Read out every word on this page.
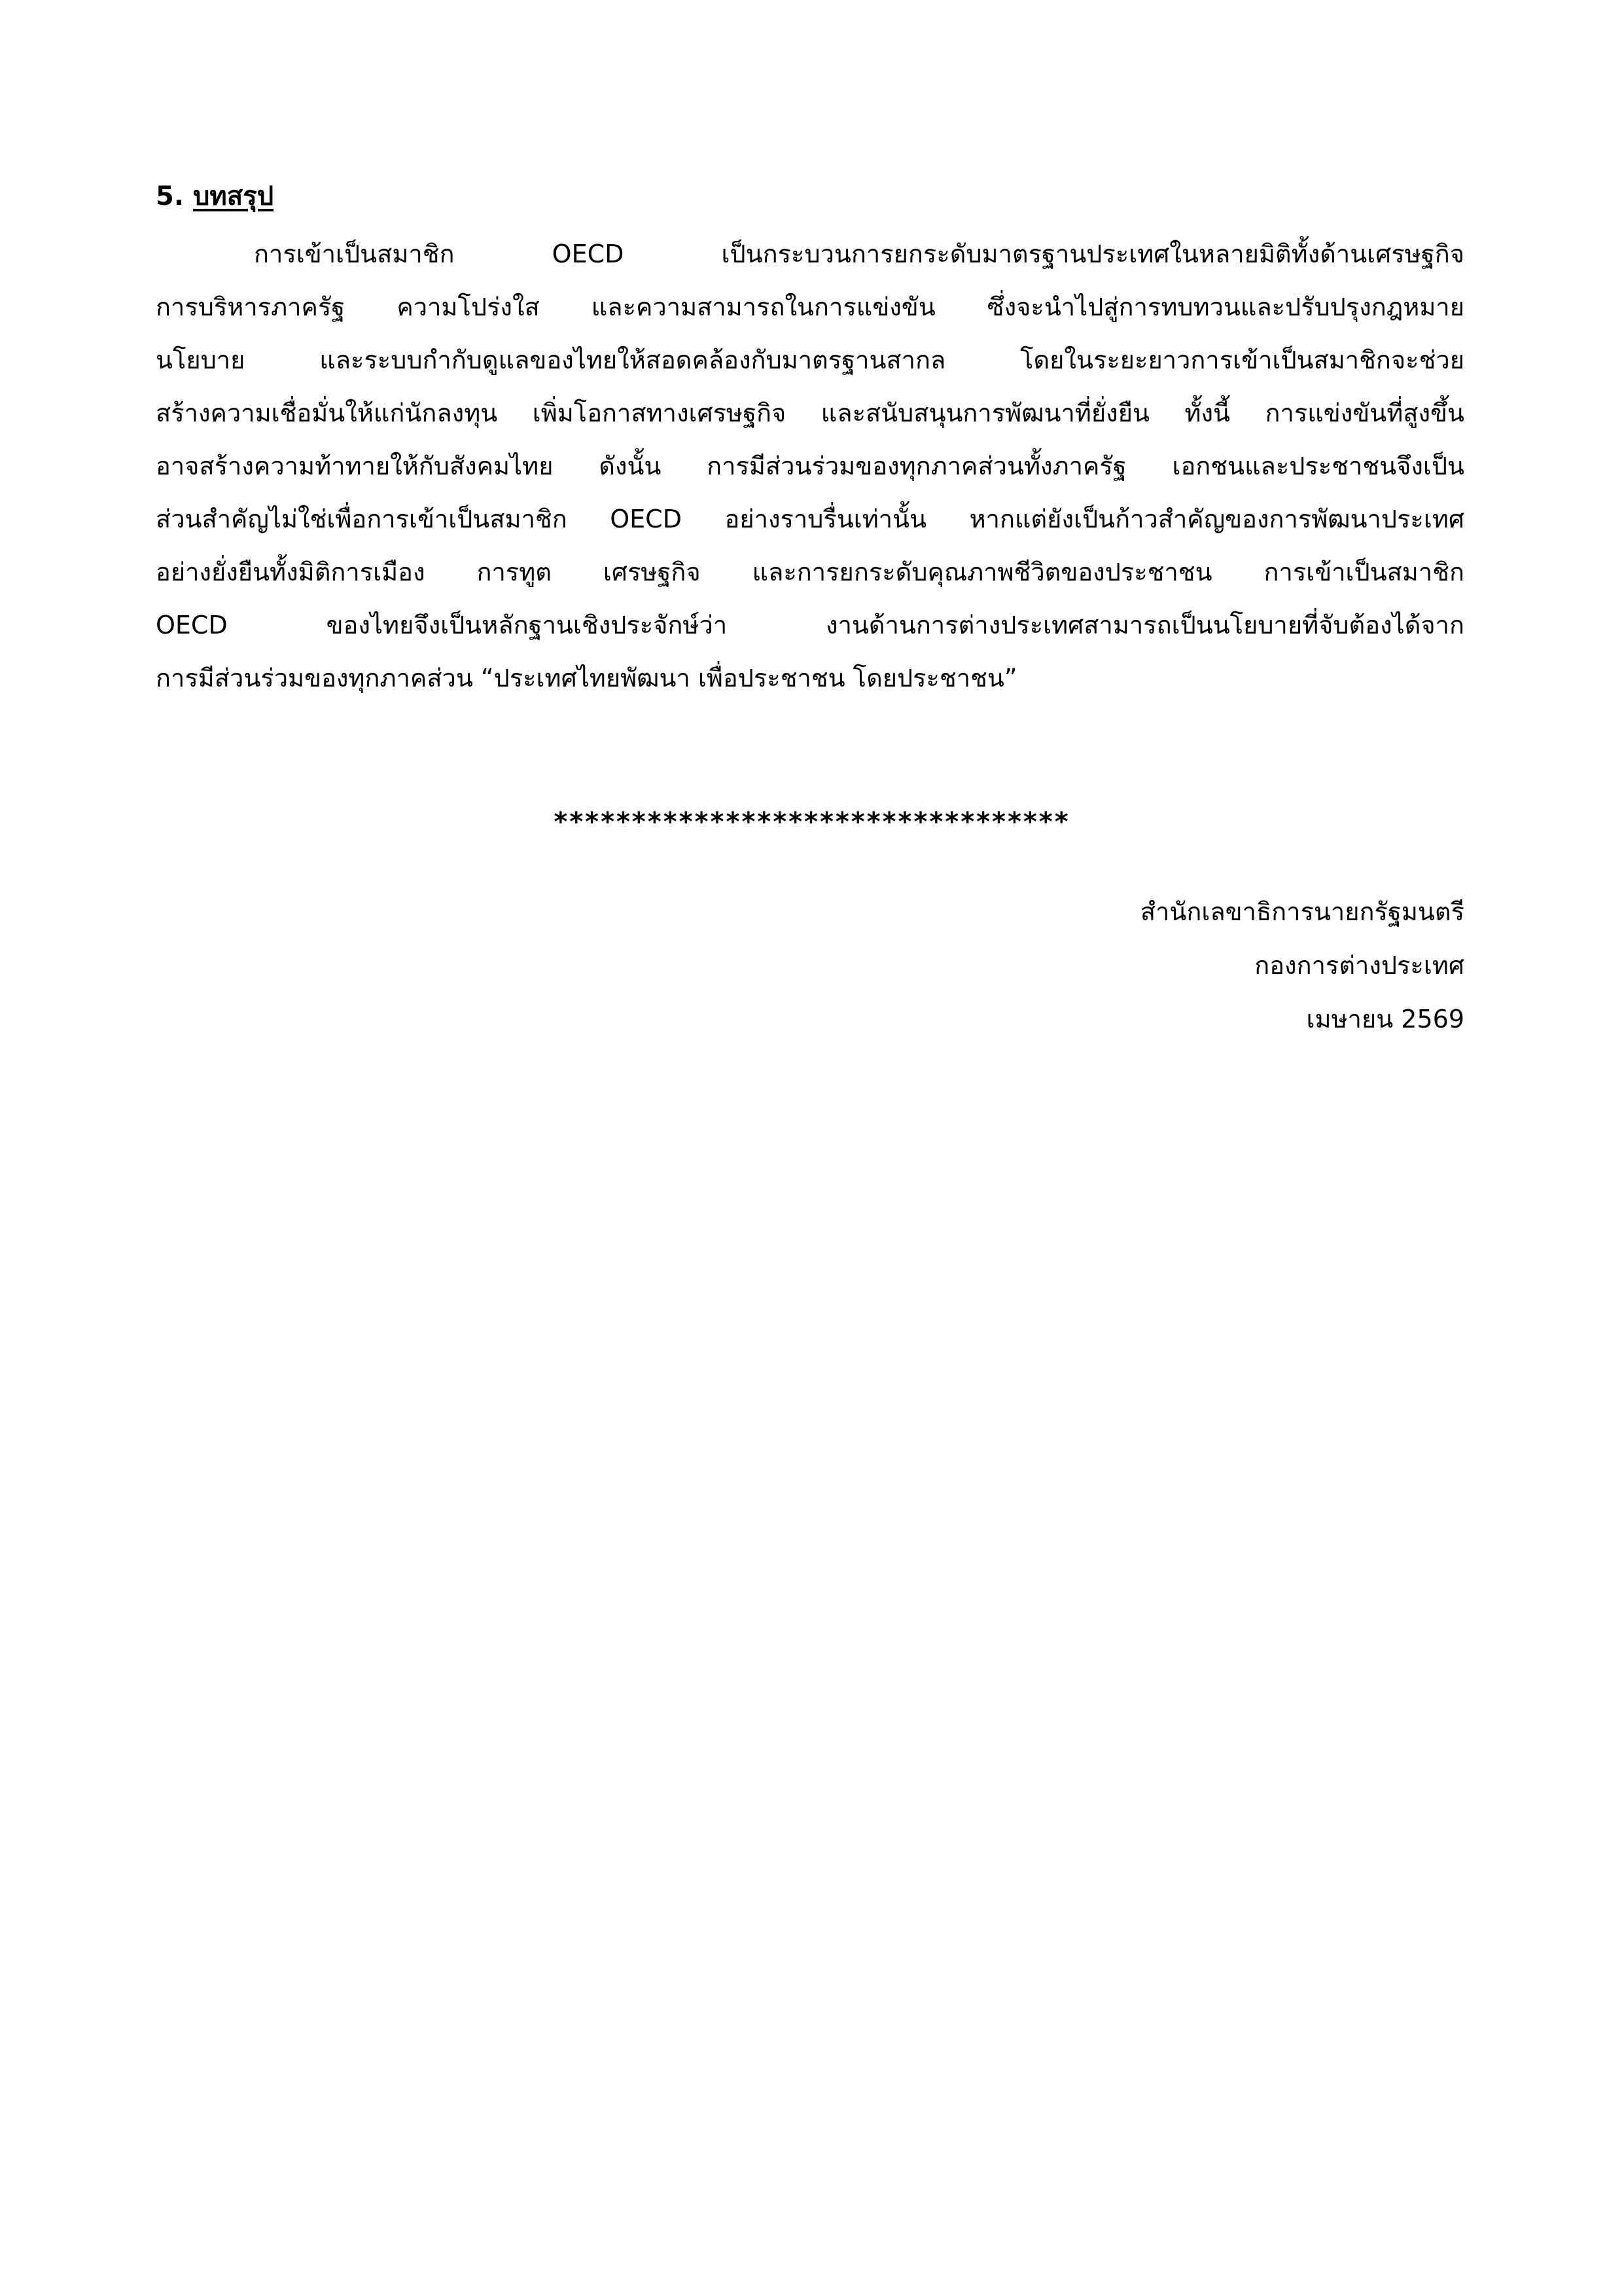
5. บทสรุป
การเข้าเป็นสมาชิก OECD เป็นกระบวนการยกระดับมาตรฐานประเทศในหลายมิติทั้งด้านเศรษฐกิจ
การบริหารภาครัฐ ความโปร่งใส และความสามารถในการแข่งขัน ซึ่งจะนำไปสู่การทบทวนและปรับปรุงกฎหมาย
นโยบาย และระบบกำกับดูแลของไทยให้สอดคล้องกับมาตรฐานสากล โดยในระยะยาวการเข้าเป็นสมาชิกจะช่วย
สร้างความเชื่อมั่นให้แก่นักลงทุน เพิ่มโอกาสทางเศรษฐกิจ และสนับสนุนการพัฒนาที่ยั่งยืน ทั้งนี้ การแข่งขันที่สูงขึ้น
อาจสร้างความท้าทายให้กับสังคมไทย ดังนั้น การมีส่วนร่วมของทุกภาคส่วนทั้งภาครัฐ เอกชนและประชาชนจึงเป็น
ส่วนสำคัญไม่ใช่เพื่อการเข้าเป็นสมาชิก OECD อย่างราบรื่นเท่านั้น หากแต่ยังเป็นก้าวสำคัญของการพัฒนาประเทศ
อย่างยั่งยืนทั้งมิติการเมือง การทูต เศรษฐกิจ และการยกระดับคุณภาพชีวิตของประชาชน การเข้าเป็นสมาชิก
OECD ของไทยจึงเป็นหลักฐานเชิงประจักษ์ว่า งานด้านการต่างประเทศสามารถเป็นนโยบายที่จับต้องได้จาก
การมีส่วนร่วมของทุกภาคส่วน “ประเทศไทยพัฒนา เพื่อประชาชน โดยประชาชน”
*********************************
สำนักเลขาธิการนายกรัฐมนตรี
กองการต่างประเทศ
เมษายน 2569
